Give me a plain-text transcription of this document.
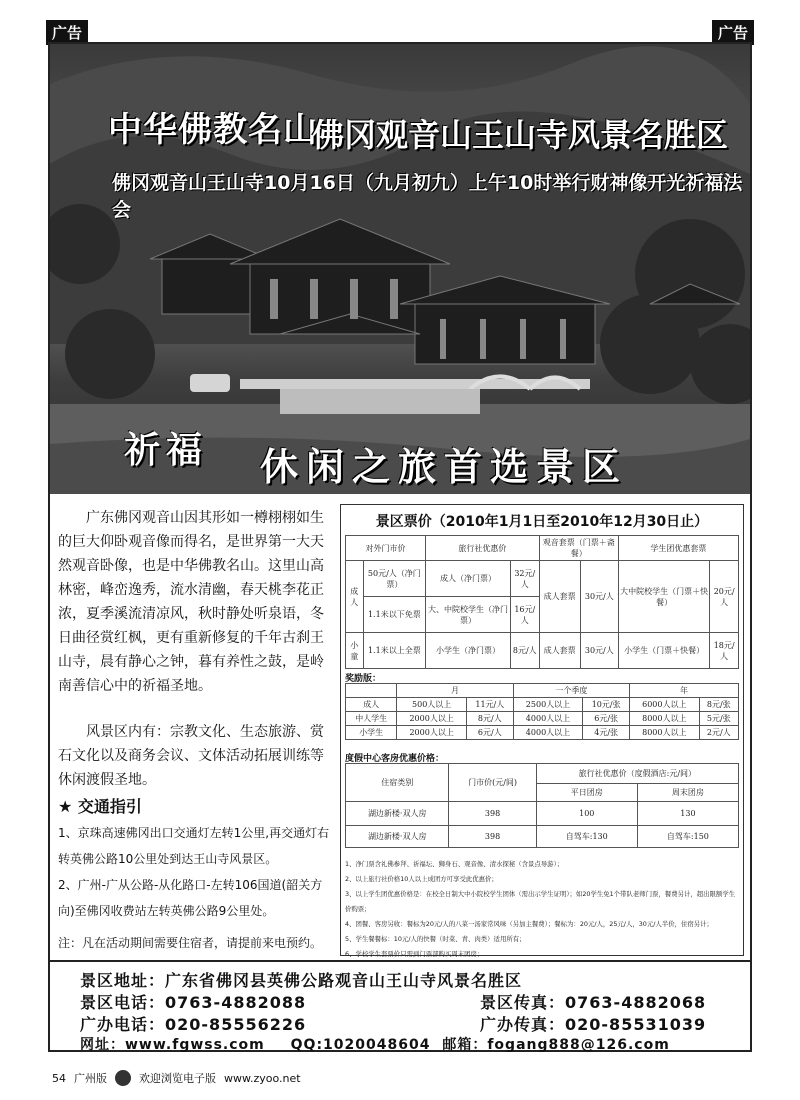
广告	广告
中华佛教名山
佛冈观音山王山寺风景名胜区
佛冈观音山王山寺10月16日（九月初九）上午10时举行财神像开光祈福法会
祈福 休闲之旅首选景区

广东佛冈观音山因其形如一樽栩栩如生的巨大仰卧观音像而得名，是世界第一大天然观音卧像，也是中华佛教名山。这里山高林密，峰峦逸秀，流水清幽，春天桃李花正浓，夏季溪流清凉风，秋时静处听泉语，冬日曲径赏红枫，更有重新修复的千年古刹王山寺，晨有静心之钟，暮有养性之鼓，是岭南善信心中的祈福圣地。

风景区内有：宗教文化、生态旅游、赏石文化以及商务会议、文体活动拓展训练等休闲渡假圣地。

★ 交通指引

1、京珠高速佛冈出口交通灯左转1公里,再交通灯右转英佛公路10公里处到达王山寺风景区。

2、广州-广从公路-从化路口-左转106国道(韶关方向)至佛冈收费站左转英佛公路9公里处。

注：凡在活动期间需要住宿者，请提前来电预约。
景区票价（2010年1月1日至2010年12月30日止）
对外门市价		旅行社优惠价		观音套票（门票＋斋餐）		学生团优惠套票	
成人	50元/人（净门票）	成人（净门票）	32元/人	成人套票	30元/人	大中院校学生（门票＋快餐）	20元/人
	1.1米以下免票	大、中院校学生（净门票）	16元/人				
小童	1.1米以上全票	小学生（净门票）	8元/人	成人套票	30元/人	小学生（门票＋快餐）	18元/人
奖励版：
	月		一个季度		年	
成人	500人以上	11元/人	2500人以上	10元/张	6000人以上	8元/张
中人学生	2000人以上	8元/人	4000人以上	6元/张	8000人以上	5元/张
小学生	2000人以上	6元/人	4000人以上	4元/张	8000人以上	2元/人
度假中心客房优惠价格：
住宿类别	门市价(元/间)	旅行社优惠价（度假酒店:元/间）	
		平日团房	周末团房
湖边新楼·双人房	398	100	130
湖边新楼·双人房	398	自驾车:130	自驾车:150
1、净门票含礼佛参拜、祈福坛、狮身石、观音像、清水探秘（含景点导游）；
2、以上旅行社价格10人以上成团方可享受此优惠价；
3、以上学生团优惠价格是：在校全日制大中小院校学生团体（需出示学生证明）；如20学生免1个带队老师门票，餐费另计，超出限额学生价购票；
4、团餐、客房另收：餐标为20元/人的八菜一汤家常风味（另加主餐费）；餐标为：20元/人，25元/人，30元/人半价，住宿另计；
5、学生餐餐标：10元/人的快餐（时菜、青、肉类）适用所有；
6、学校学生套票价只需到门票部购买周末团房；
景区地址：广东省佛冈县英佛公路观音山王山寺风景名胜区
景区电话：0763-4882088	景区传真：0763-4882068
广办电话：020-85556226	广办传真：020-85531039
网址：www.fgwss.com QQ:1020048604 邮箱：fogang888@126.com
54 广州版	欢迎浏览电子版 www.zyoo.net
